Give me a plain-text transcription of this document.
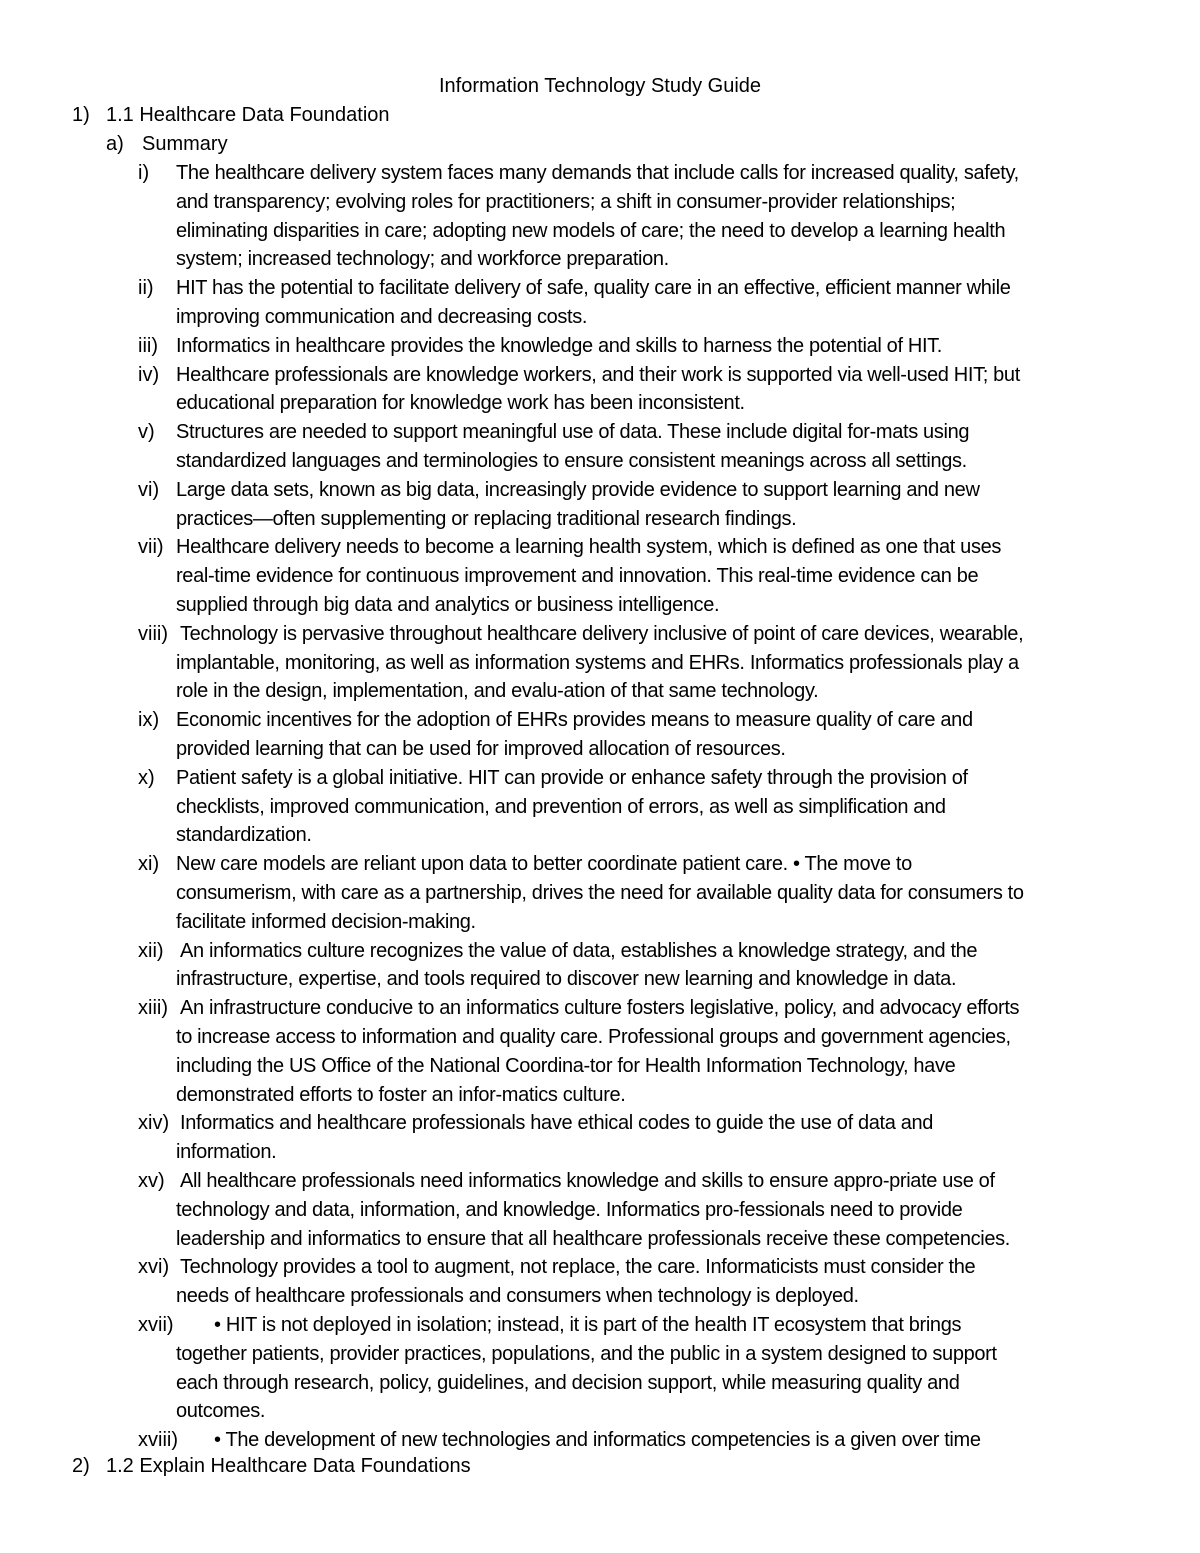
Information Technology Study Guide
1) 1.1 Healthcare Data Foundation
a) Summary
i)	The healthcare delivery system faces many demands that include calls for increased quality, safety,
and transparency; evolving roles for practitioners; a shift in consumer-provider relationships;
eliminating disparities in care; adopting new models of care; the need to develop a learning health
system; increased technology; and workforce preparation.
ii)	HIT has the potential to facilitate delivery of safe, quality care in an effective, efficient manner while
improving communication and decreasing costs.
iii) Informatics in healthcare provides the knowledge and skills to harness the potential of HIT.
iv) Healthcare professionals are knowledge workers, and their work is supported via well-used HIT; but
educational preparation for knowledge work has been inconsistent.
v)	Structures are needed to support meaningful use of data. These include digital for-mats using
standardized languages and terminologies to ensure consistent meanings across all settings.
vi) Large data sets, known as big data, increasingly provide evidence to support learning and new
practices—often supplementing or replacing traditional research findings.
vii) Healthcare delivery needs to become a learning health system, which is defined as one that uses
real-time evidence for continuous improvement and innovation. This real-time evidence can be
supplied through big data and analytics or business intelligence.
viii) Technology is pervasive throughout healthcare delivery inclusive of point of care devices, wearable,
implantable, monitoring, as well as information systems and EHRs. Informatics professionals play a
role in the design, implementation, and evalu-ation of that same technology.
ix) Economic incentives for the adoption of EHRs provides means to measure quality of care and
provided learning that can be used for improved allocation of resources.
x)	Patient safety is a global initiative. HIT can provide or enhance safety through the provision of
checklists, improved communication, and prevention of errors, as well as simplification and
standardization.
xi) New care models are reliant upon data to better coordinate patient care. • The move to
consumerism, with care as a partnership, drives the need for available quality data for consumers to
facilitate informed decision-making.
xii) An informatics culture recognizes the value of data, establishes a knowledge strategy, and the
infrastructure, expertise, and tools required to discover new learning and knowledge in data.
xiii) An infrastructure conducive to an informatics culture fosters legislative, policy, and advocacy efforts
to increase access to information and quality care. Professional groups and government agencies,
including the US Office of the National Coordina-tor for Health Information Technology, have
demonstrated efforts to foster an infor-matics culture.
xiv) Informatics and healthcare professionals have ethical codes to guide the use of data and
information.
xv) All healthcare professionals need informatics knowledge and skills to ensure appro-priate use of
technology and data, information, and knowledge. Informatics pro-fessionals need to provide
leadership and informatics to ensure that all healthcare professionals receive these competencies.
xvi) Technology provides a tool to augment, not replace, the care. Informaticists must consider the
needs of healthcare professionals and consumers when technology is deployed.
xvii) • HIT is not deployed in isolation; instead, it is part of the health IT ecosystem that brings
together patients, provider practices, populations, and the public in a system designed to support
each through research, policy, guidelines, and decision support, while measuring quality and
outcomes.
xviii) • The development of new technologies and informatics competencies is a given over time
2) 1.2 Explain Healthcare Data Foundations
